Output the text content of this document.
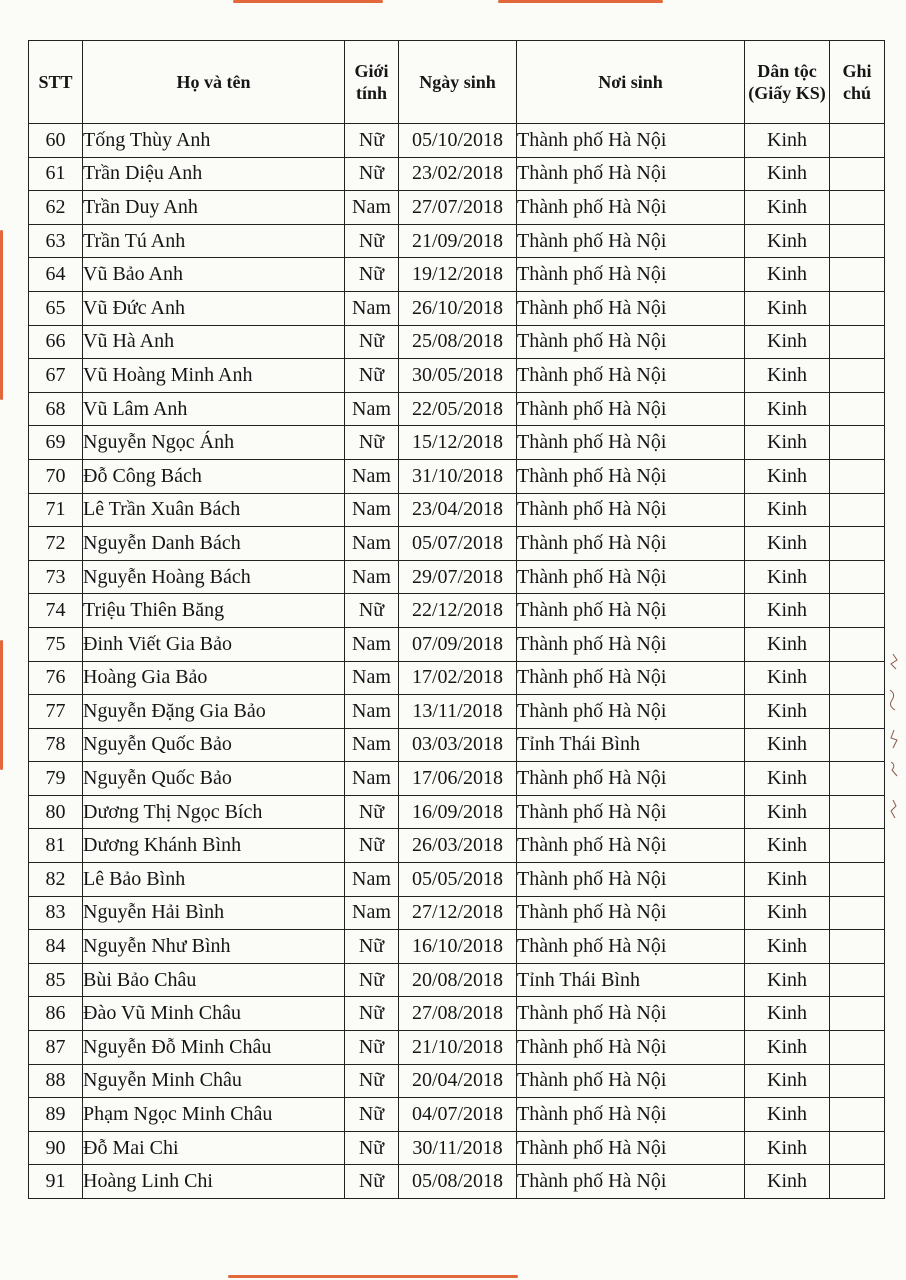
STT	Họ và tên	Giới tính	Ngày sinh	Nơi sinh	Dân tộc (Giấy KS)	Ghi chú
60	Tống Thùy Anh	Nữ	05/10/2018	Thành phố Hà Nội	Kinh	
61	Trần Diệu Anh	Nữ	23/02/2018	Thành phố Hà Nội	Kinh	
62	Trần Duy Anh	Nam	27/07/2018	Thành phố Hà Nội	Kinh	
63	Trần Tú Anh	Nữ	21/09/2018	Thành phố Hà Nội	Kinh	
64	Vũ Bảo Anh	Nữ	19/12/2018	Thành phố Hà Nội	Kinh	
65	Vũ Đức Anh	Nam	26/10/2018	Thành phố Hà Nội	Kinh	
66	Vũ Hà Anh	Nữ	25/08/2018	Thành phố Hà Nội	Kinh	
67	Vũ Hoàng Minh Anh	Nữ	30/05/2018	Thành phố Hà Nội	Kinh	
68	Vũ Lâm Anh	Nam	22/05/2018	Thành phố Hà Nội	Kinh	
69	Nguyễn Ngọc Ánh	Nữ	15/12/2018	Thành phố Hà Nội	Kinh	
70	Đỗ Công Bách	Nam	31/10/2018	Thành phố Hà Nội	Kinh	
71	Lê Trần Xuân Bách	Nam	23/04/2018	Thành phố Hà Nội	Kinh	
72	Nguyễn Danh Bách	Nam	05/07/2018	Thành phố Hà Nội	Kinh	
73	Nguyễn Hoàng Bách	Nam	29/07/2018	Thành phố Hà Nội	Kinh	
74	Triệu Thiên Băng	Nữ	22/12/2018	Thành phố Hà Nội	Kinh	
75	Đinh Viết Gia Bảo	Nam	07/09/2018	Thành phố Hà Nội	Kinh	
76	Hoàng Gia Bảo	Nam	17/02/2018	Thành phố Hà Nội	Kinh	
77	Nguyễn Đặng Gia Bảo	Nam	13/11/2018	Thành phố Hà Nội	Kinh	
78	Nguyễn Quốc Bảo	Nam	03/03/2018	Tỉnh Thái Bình	Kinh	
79	Nguyễn Quốc Bảo	Nam	17/06/2018	Thành phố Hà Nội	Kinh	
80	Dương Thị Ngọc Bích	Nữ	16/09/2018	Thành phố Hà Nội	Kinh	
81	Dương Khánh Bình	Nữ	26/03/2018	Thành phố Hà Nội	Kinh	
82	Lê Bảo Bình	Nam	05/05/2018	Thành phố Hà Nội	Kinh	
83	Nguyễn Hải Bình	Nam	27/12/2018	Thành phố Hà Nội	Kinh	
84	Nguyễn Như Bình	Nữ	16/10/2018	Thành phố Hà Nội	Kinh	
85	Bùi Bảo Châu	Nữ	20/08/2018	Tỉnh Thái Bình	Kinh	
86	Đào Vũ Minh Châu	Nữ	27/08/2018	Thành phố Hà Nội	Kinh	
87	Nguyễn Đỗ Minh Châu	Nữ	21/10/2018	Thành phố Hà Nội	Kinh	
88	Nguyễn Minh Châu	Nữ	20/04/2018	Thành phố Hà Nội	Kinh	
89	Phạm Ngọc Minh Châu	Nữ	04/07/2018	Thành phố Hà Nội	Kinh	
90	Đỗ Mai Chi	Nữ	30/11/2018	Thành phố Hà Nội	Kinh	
91	Hoàng Linh Chi	Nữ	05/08/2018	Thành phố Hà Nội	Kinh	
